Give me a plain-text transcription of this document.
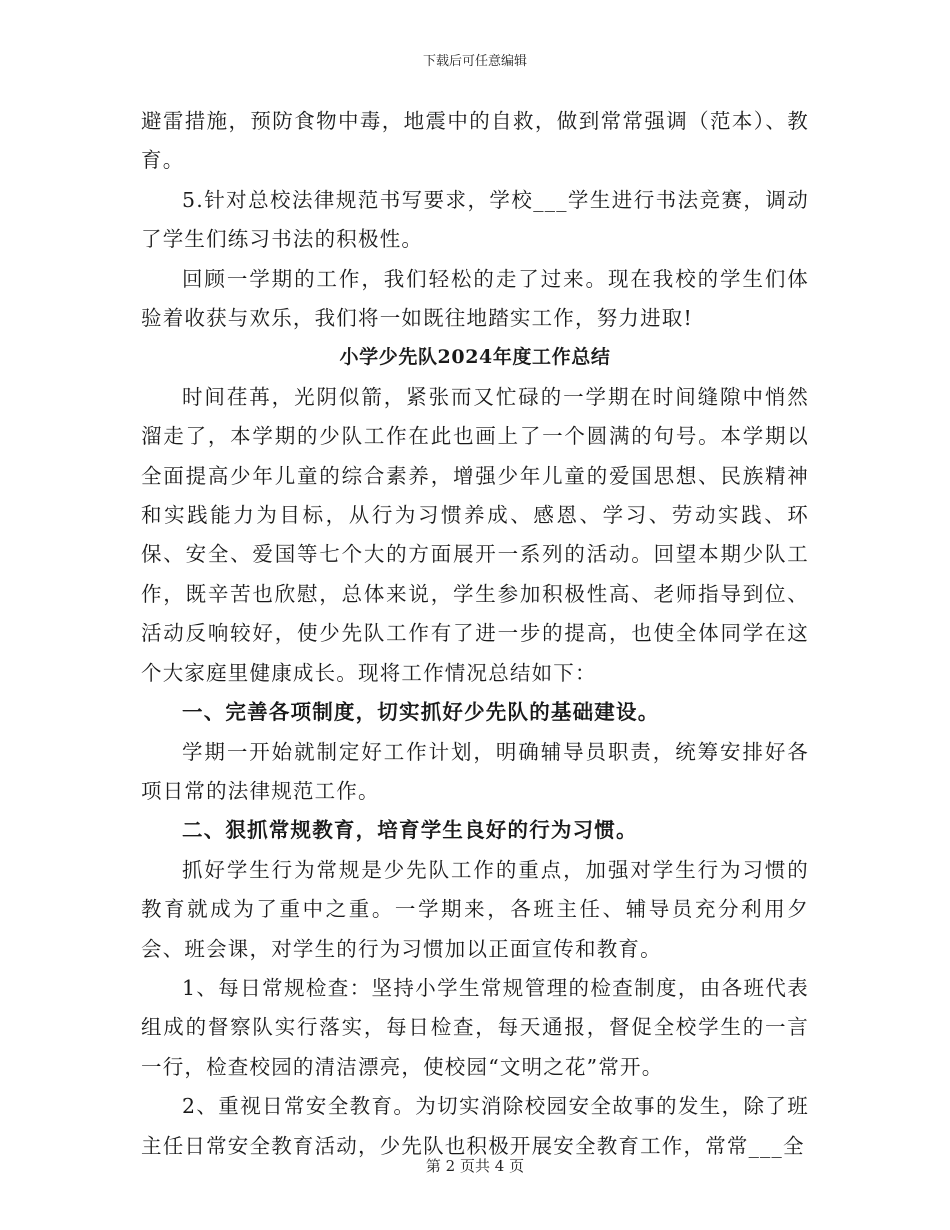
下载后可任意编辑

避雷措施，预防食物中毒，地震中的自救，做到常常强调（范本）、教育。

5.针对总校法律规范书写要求，学校___学生进行书法竞赛，调动了学生们练习书法的积极性。

回顾一学期的工作，我们轻松的走了过来。现在我校的学生们体验着收获与欢乐，我们将一如既往地踏实工作，努力进取!

小学少先队2024年度工作总结

时间荏苒，光阴似箭，紧张而又忙碌的一学期在时间缝隙中悄然溜走了，本学期的少队工作在此也画上了一个圆满的句号。本学期以全面提高少年儿童的综合素养，增强少年儿童的爱国思想、民族精神和实践能力为目标，从行为习惯养成、感恩、学习、劳动实践、环保、安全、爱国等七个大的方面展开一系列的活动。回望本期少队工作，既辛苦也欣慰，总体来说，学生参加积极性高、老师指导到位、活动反响较好，使少先队工作有了进一步的提高，也使全体同学在这个大家庭里健康成长。现将工作情况总结如下：

一、完善各项制度，切实抓好少先队的基础建设。

学期一开始就制定好工作计划，明确辅导员职责，统筹安排好各项日常的法律规范工作。

二、狠抓常规教育，培育学生良好的行为习惯。

抓好学生行为常规是少先队工作的重点，加强对学生行为习惯的教育就成为了重中之重。一学期来，各班主任、辅导员充分利用夕会、班会课，对学生的行为习惯加以正面宣传和教育。

1、每日常规检查：坚持小学生常规管理的检查制度，由各班代表组成的督察队实行落实，每日检查，每天通报，督促全校学生的一言一行，检查校园的清洁漂亮，使校园“文明之花”常开。

2、重视日常安全教育。为切实消除校园安全故事的发生，除了班主任日常安全教育活动，少先队也积极开展安全教育工作，常常___全

第 2 页共 4 页
